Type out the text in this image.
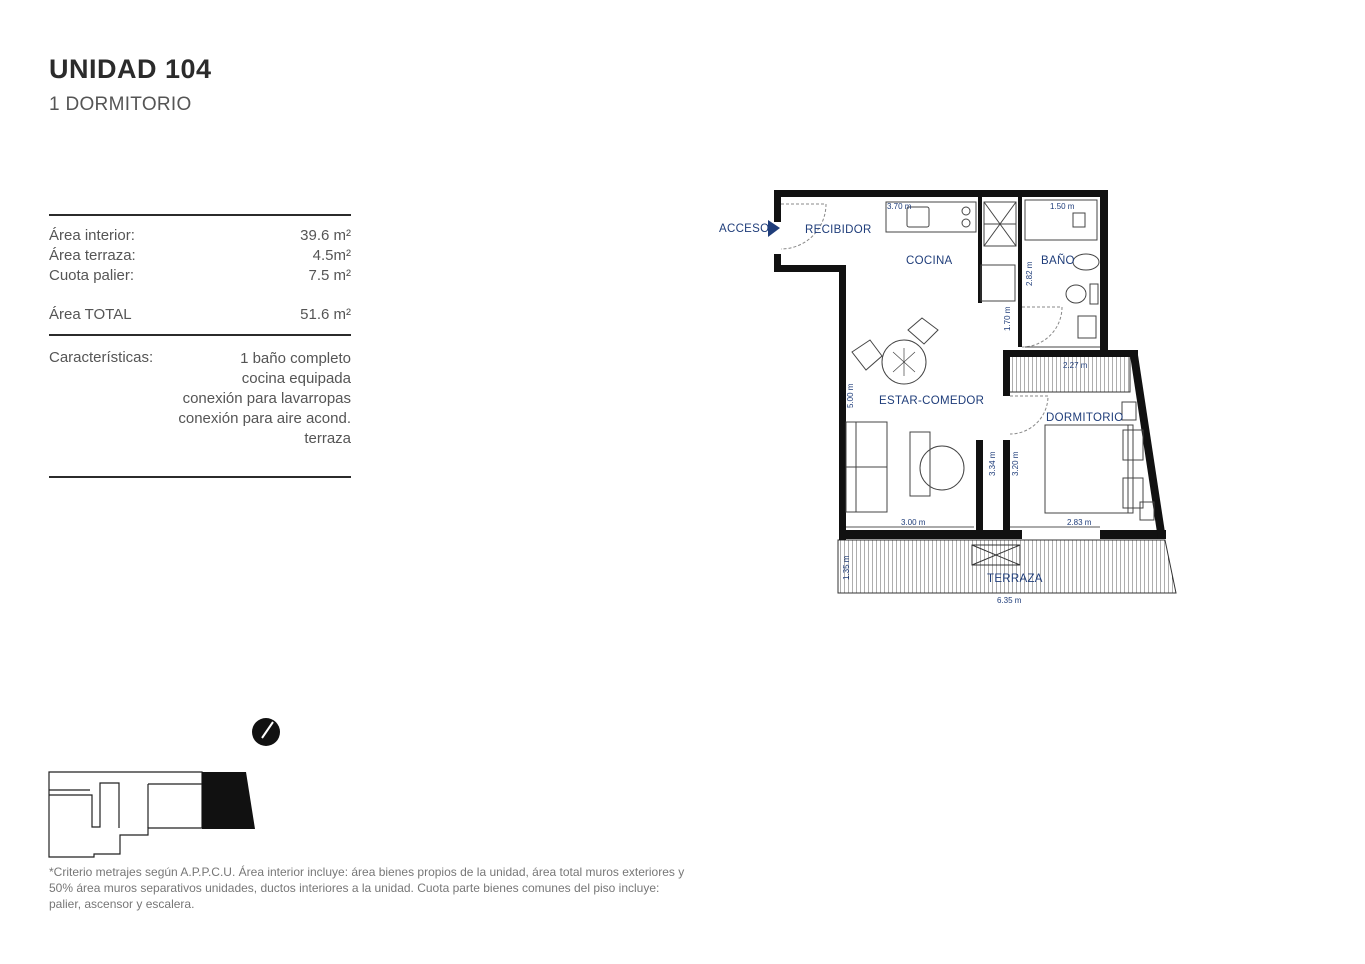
UNIDAD 104
1 DORMITORIO
Área interior:	39.6 m²
Área terraza:	4.5m²
Cuota palier:	7.5 m²
Área TOTAL	51.6 m²
Características:	1 baño completo
cocina equipada
conexión para lavarropas
conexión para aire acond.
terraza
ACCESO	RECIBIDOR
COCINA	BAÑO
ESTAR-COMEDOR
DORMITORIO
TERRAZA
3.70 m	1.50 m
2.27 m
3.00 m	2.83 m
6.35 m
2.82 m
1.70 m
5.00 m
3.34 m 3.20 m
1.35 m
*Criterio metrajes según A.P.P.C.U. Área interior incluye: área bienes propios de la unidad, área total muros exteriores y 50% área muros separativos unidades, ductos interiores a la unidad. Cuota parte bienes comunes del piso incluye: palier, ascensor y escalera.
